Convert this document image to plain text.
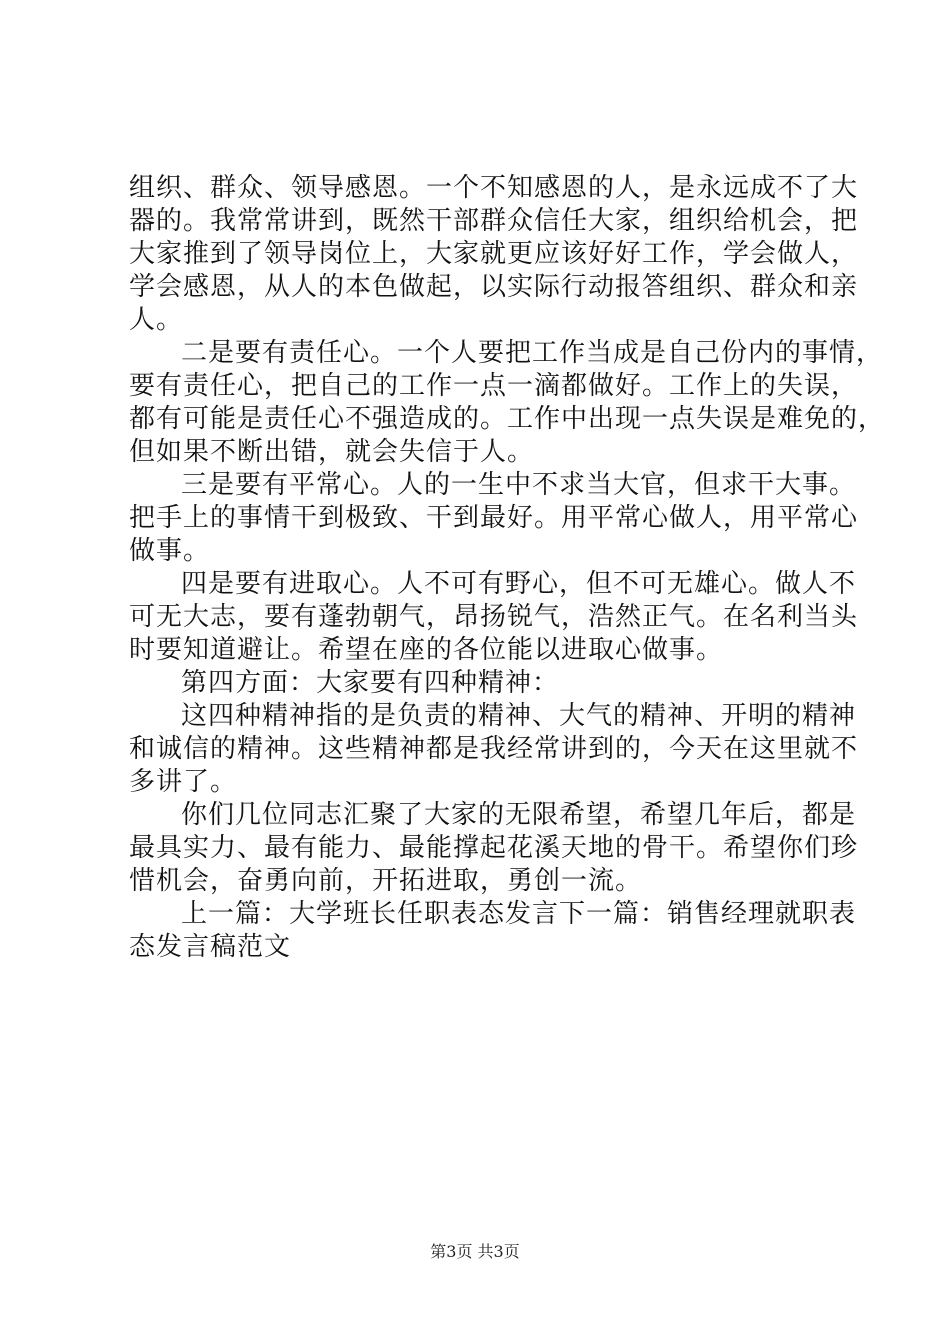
组织、群众、领导感恩。一个不知感恩的人，是永远成不了大
器的。我常常讲到，既然干部群众信任大家，组织给机会，把
大家推到了领导岗位上，大家就更应该好好工作，学会做人，
学会感恩，从人的本色做起，以实际行动报答组织、群众和亲
人。
二是要有责任心。一个人要把工作当成是自己份内的事情，
要有责任心，把自己的工作一点一滴都做好。工作上的失误，
都有可能是责任心不强造成的。工作中出现一点失误是难免的，
但如果不断出错，就会失信于人。
三是要有平常心。人的一生中不求当大官，但求干大事。
把手上的事情干到极致、干到最好。用平常心做人，用平常心
做事。
四是要有进取心。人不可有野心，但不可无雄心。做人不
可无大志，要有蓬勃朝气，昂扬锐气，浩然正气。在名利当头
时要知道避让。希望在座的各位能以进取心做事。
第四方面：大家要有四种精神：
这四种精神指的是负责的精神、大气的精神、开明的精神
和诚信的精神。这些精神都是我经常讲到的，今天在这里就不
多讲了。
你们几位同志汇聚了大家的无限希望，希望几年后，都是
最具实力、最有能力、最能撑起花溪天地的骨干。希望你们珍
惜机会，奋勇向前，开拓进取，勇创一流。
上一篇：大学班长任职表态发言下一篇：销售经理就职表
态发言稿范文
第3页 共3页
